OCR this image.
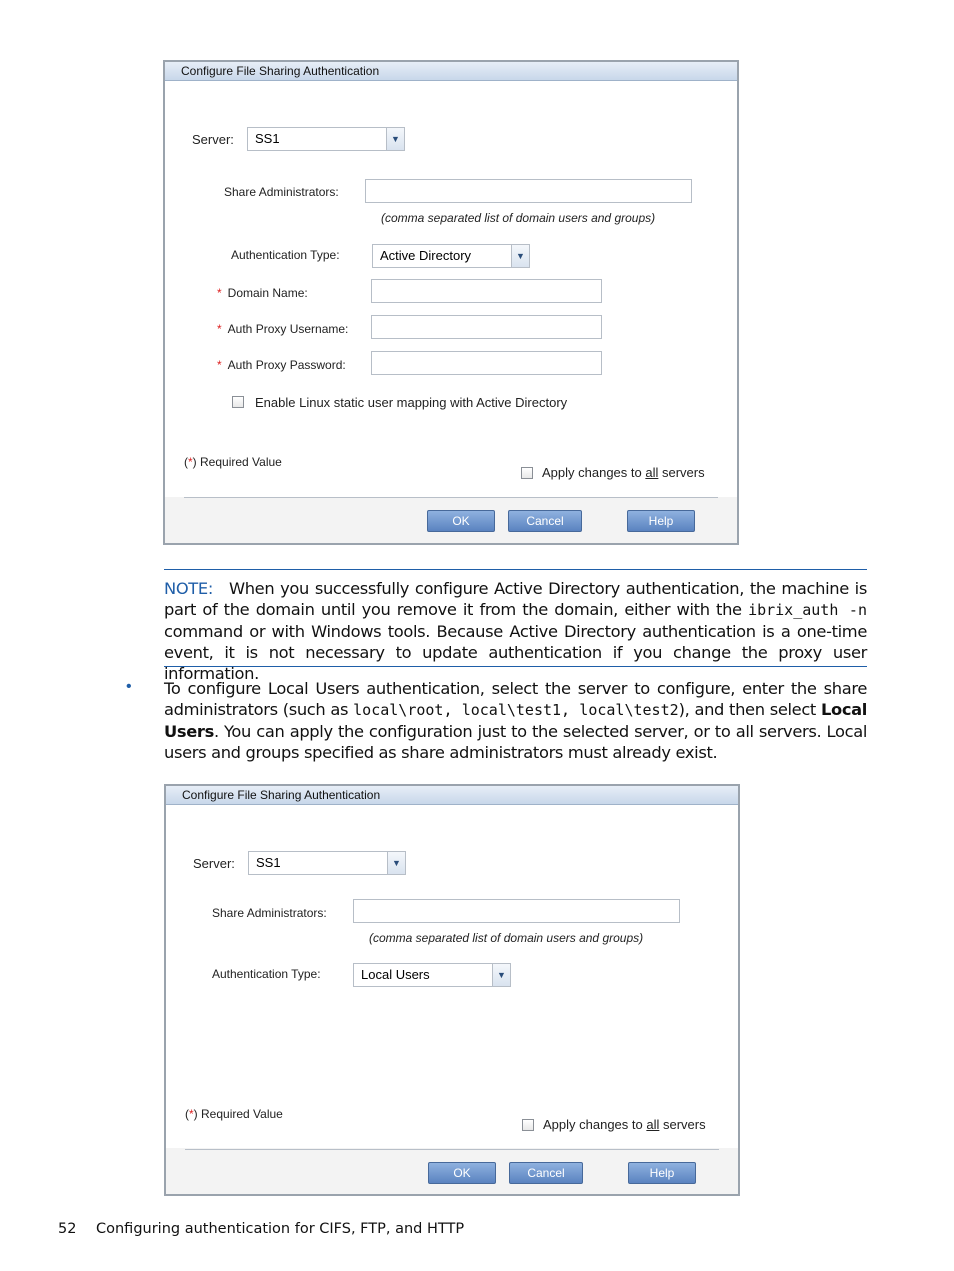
Configure File Sharing Authentication
Server:	SS1	▼
Share Administrators:
(comma separated list of domain users and groups)
Authentication Type:	Active Directory	▼
* Domain Name:
* Auth Proxy Username:
* Auth Proxy Password:
Enable Linux static user mapping with Active Directory
(*) Required Value
Apply changes to all servers
OK	Cancel	Help
NOTE: When you successfully configure Active Directory authentication, the machine is part of the domain until you remove it from the domain, either with the ibrix_auth -n command or with Windows tools. Because Active Directory authentication is a one-time event, it is not necessary to update authentication if you change the proxy user information.
• To configure Local Users authentication, select the server to configure, enter the share administrators (such as local\root, local\test1, local\test2), and then select Local Users. You can apply the configuration just to the selected server, or to all servers. Local users and groups specified as share administrators must already exist.
Configure File Sharing Authentication
Server:	SS1	▼
Share Administrators:
(comma separated list of domain users and groups)
Authentication Type:	Local Users	▼
(*) Required Value
Apply changes to all servers
OK	Cancel	Help
52 Configuring authentication for CIFS, FTP, and HTTP
